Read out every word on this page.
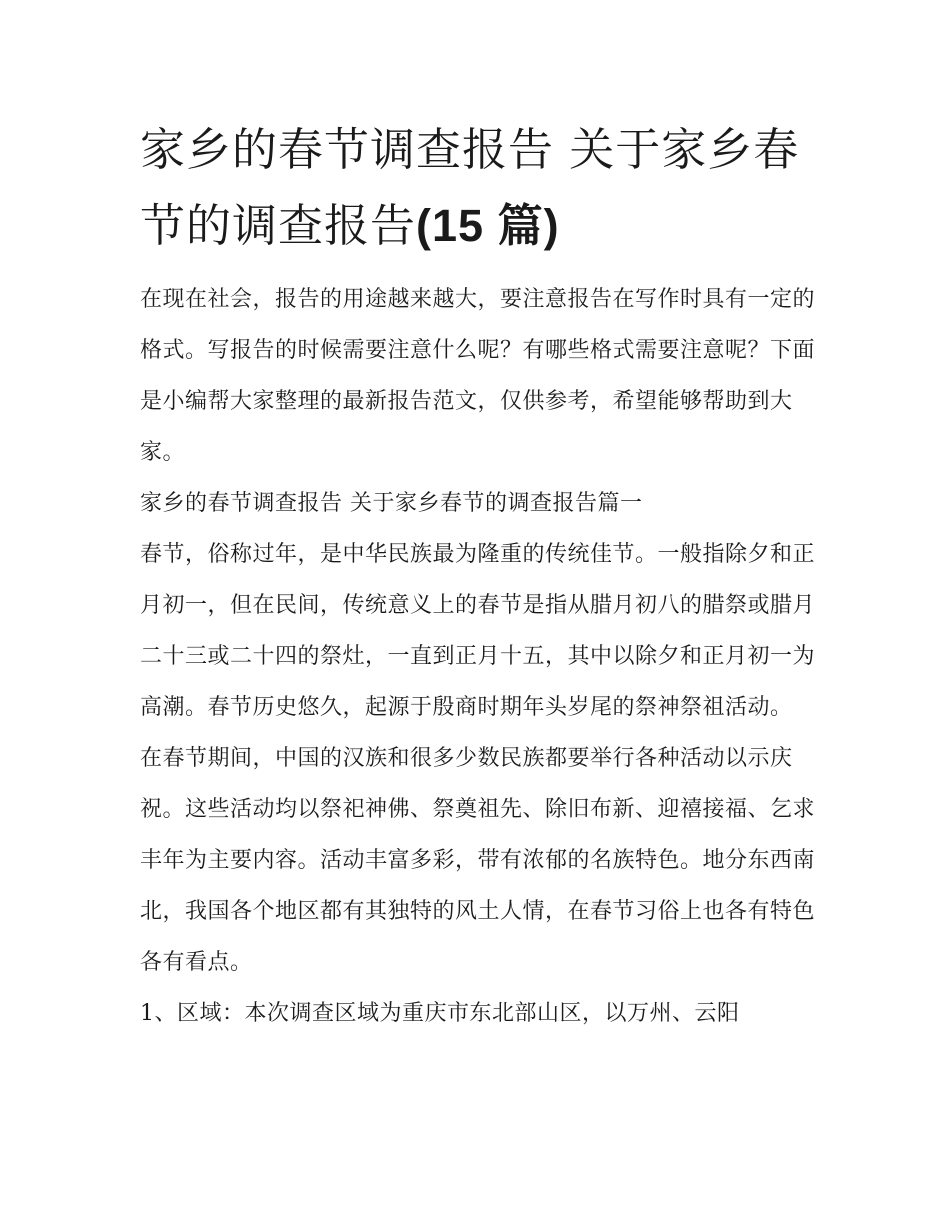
家乡的春节调查报告 关于家乡春节的调查报告(15 篇)

在现在社会，报告的用途越来越大，要注意报告在写作时具有一定的格式。写报告的时候需要注意什么呢？有哪些格式需要注意呢？下面是小编帮大家整理的最新报告范文，仅供参考，希望能够帮助到大家。

家乡的春节调查报告 关于家乡春节的调查报告篇一

春节，俗称过年，是中华民族最为隆重的传统佳节。一般指除夕和正月初一，但在民间，传统意义上的春节是指从腊月初八的腊祭或腊月二十三或二十四的祭灶，一直到正月十五，其中以除夕和正月初一为高潮。春节历史悠久，起源于殷商时期年头岁尾的祭神祭祖活动。

在春节期间，中国的汉族和很多少数民族都要举行各种活动以示庆祝。这些活动均以祭祀神佛、祭奠祖先、除旧布新、迎禧接福、乞求丰年为主要内容。活动丰富多彩，带有浓郁的名族特色。地分东西南北，我国各个地区都有其独特的风土人情，在春节习俗上也各有特色各有看点。

1、区域：本次调查区域为重庆市东北部山区，以万州、云阳
